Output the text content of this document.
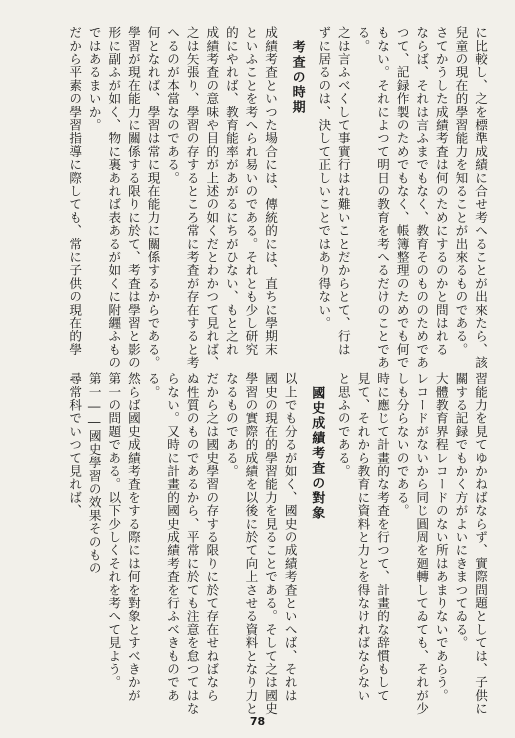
に比較し、之を標準成績に合せ考へることが出來たら、該
兒童の現在的學習能力を知ることが出來るものである。
さてかうした成績考査は何のためにするのかと問はれる
ならば、それは言ふまでもなく、教育そのもののためであ
つて、記録作製のためでもなく、帳簿整理のためでも何で
もない。それによつて明日の教育を考へるだけのことであ
る。
之は言ふべくして事實行はれ難いことだからとて、行は
ずに居るのは、決して正しいことではあり得ない。
考査の時期
成績考査といつた場合には、傳統的には、直ちに學期末
といふことを考へられ易いのである。それとも少し研究
的にやれば、教育能率があがるにちがひない、もと之れ
成績考査の意味や目的が上述の如くだとわかつて見れば、
之は矢張り、學習の存するところ常に考査が存在すると考
へるのが本當なのである。
何となれば、學習は常に現在能力に關係するからである。
學習が現在能力に關係する限りに於て、考査は學習と影の
形に副ふが如く、物に裏あれば表あるが如くに附纒ふもの
ではあるまいか。
だから平素の學習指導に際しても、常に子供の現在的學
習能力を見てゆかねばならず、實際問題としては、子供に
關する記録でもかく方がよいにきまつてゐる。
大體教育界程レコードのない所はあまりないであらう。
レコードがないから同じ圓周を廻轉してゐても、それが少
しも分らないのである。
時に應じて計畫的な考査を行つて、計畫的な辞慣もして
見て、それから教育に資料と力とを得なければならない
と思ふのである。
國史成績考査の對象
以上でも分るが如く、國史の成績考査といへば、それは
國史の現在的學習能力を見ることである。そして之は國史
學習の實際的成績を以後に於て向上させる資料となり力と
なるものである。
だから之は國史學習の存する限りに於て存在せねばなら
ぬ性質のものであるから、平常に於ても注意を怠つてはな
らない。又時に計畫的國史成績考査を行ふべきものであ
る。
然らば國史成績考査をする際には何を對象とすべきかが
第一の問題である。以下少しくそれを考へて見よう。
第一――國史學習の效果そのもの
尋常科でいつて見れば、
78
